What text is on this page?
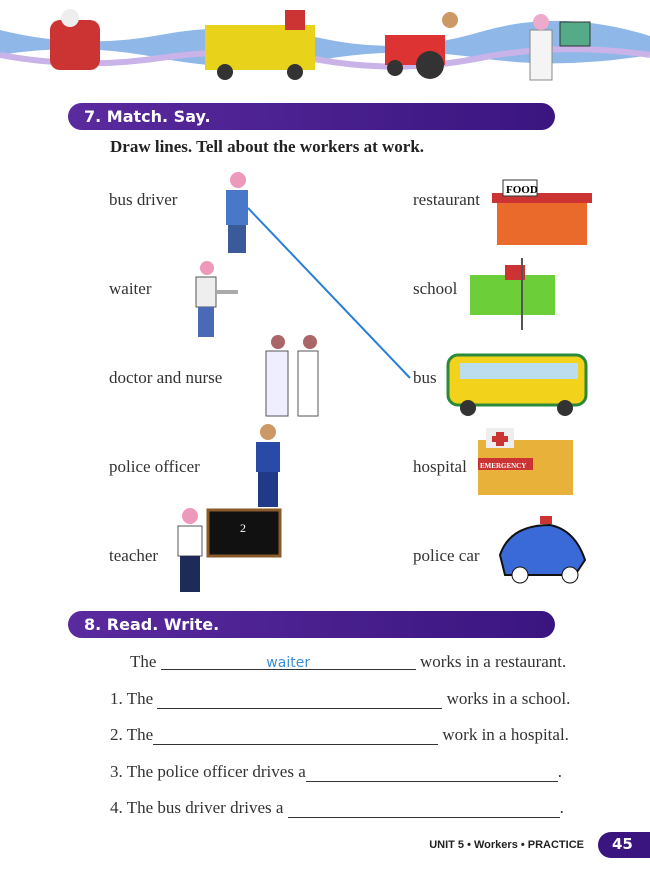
7. Match. Say.
Draw lines. Tell about the workers at work.
bus driver
waiter
doctor and nurse
police officer
teacher
restaurant
school
bus
hospital
police car
2
FOOD
EMERGENCY
8. Read. Write.
The	waiter	works in a restaurant.
1. The	works in a school.
2. The	work in a hospital.
3. The police officer drives a	.
4. The bus driver drives a	.
UNIT 5 • Workers • PRACTICE	45
